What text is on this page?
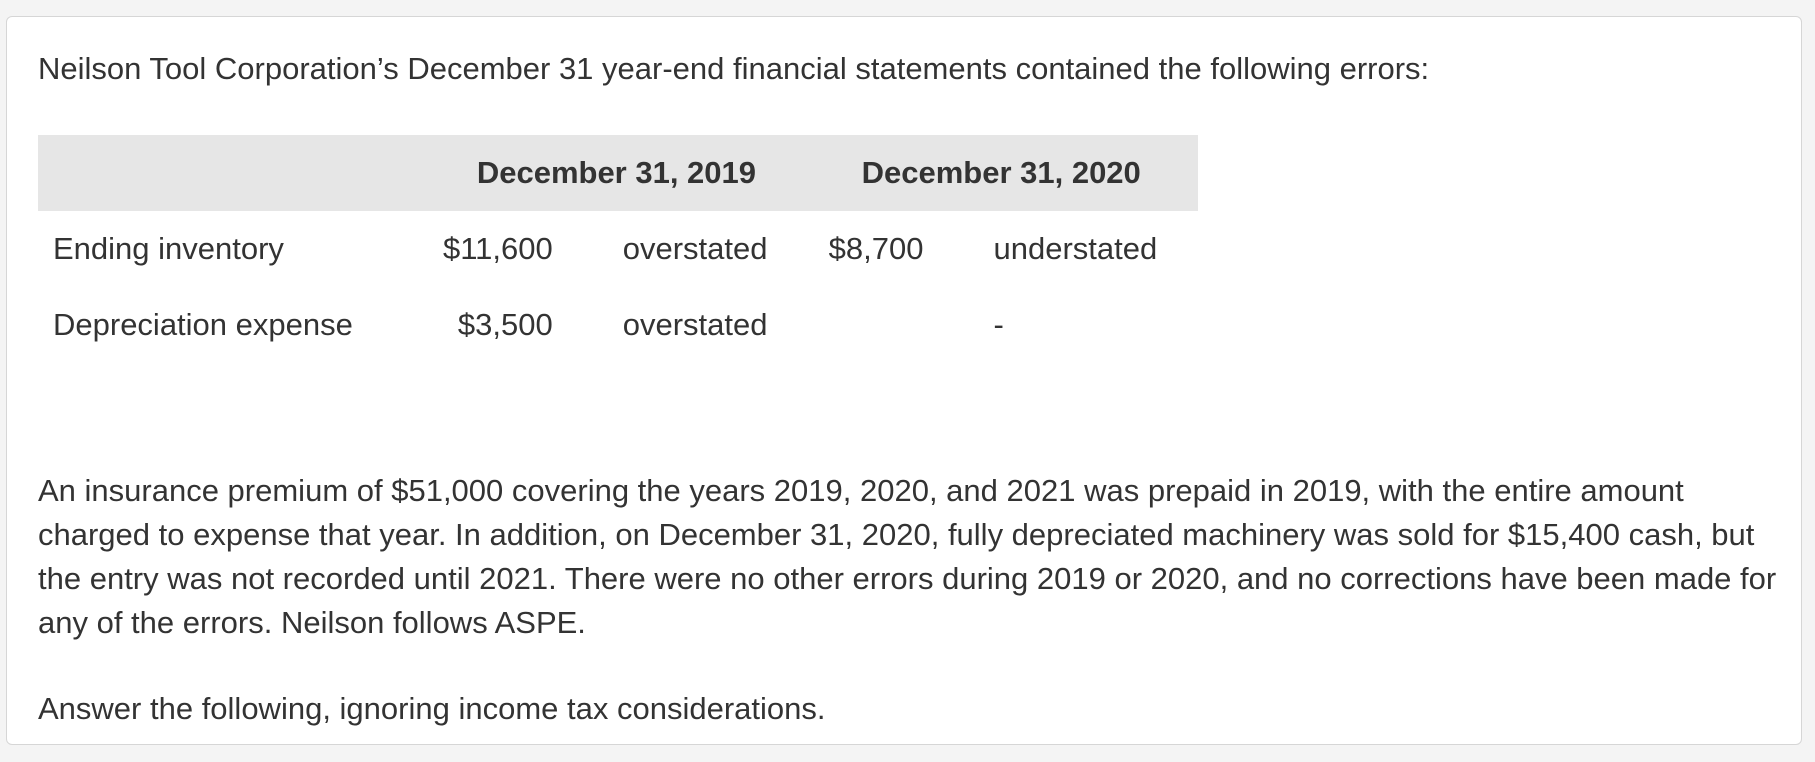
Neilson Tool Corporation’s December 31 year-end financial statements contained the following errors:

	December 31, 2019		December 31, 2020	
Ending inventory	$11,600	overstated	$8,700	understated
Depreciation expense	$3,500	overstated		-

An insurance premium of $51,000 covering the years 2019, 2020, and 2021 was prepaid in 2019, with the entire amount charged to expense that year. In addition, on December 31, 2020, fully depreciated machinery was sold for $15,400 cash, but the entry was not recorded until 2021. There were no other errors during 2019 or 2020, and no corrections have been made for any of the errors. Neilson follows ASPE.

Answer the following, ignoring income tax considerations.
